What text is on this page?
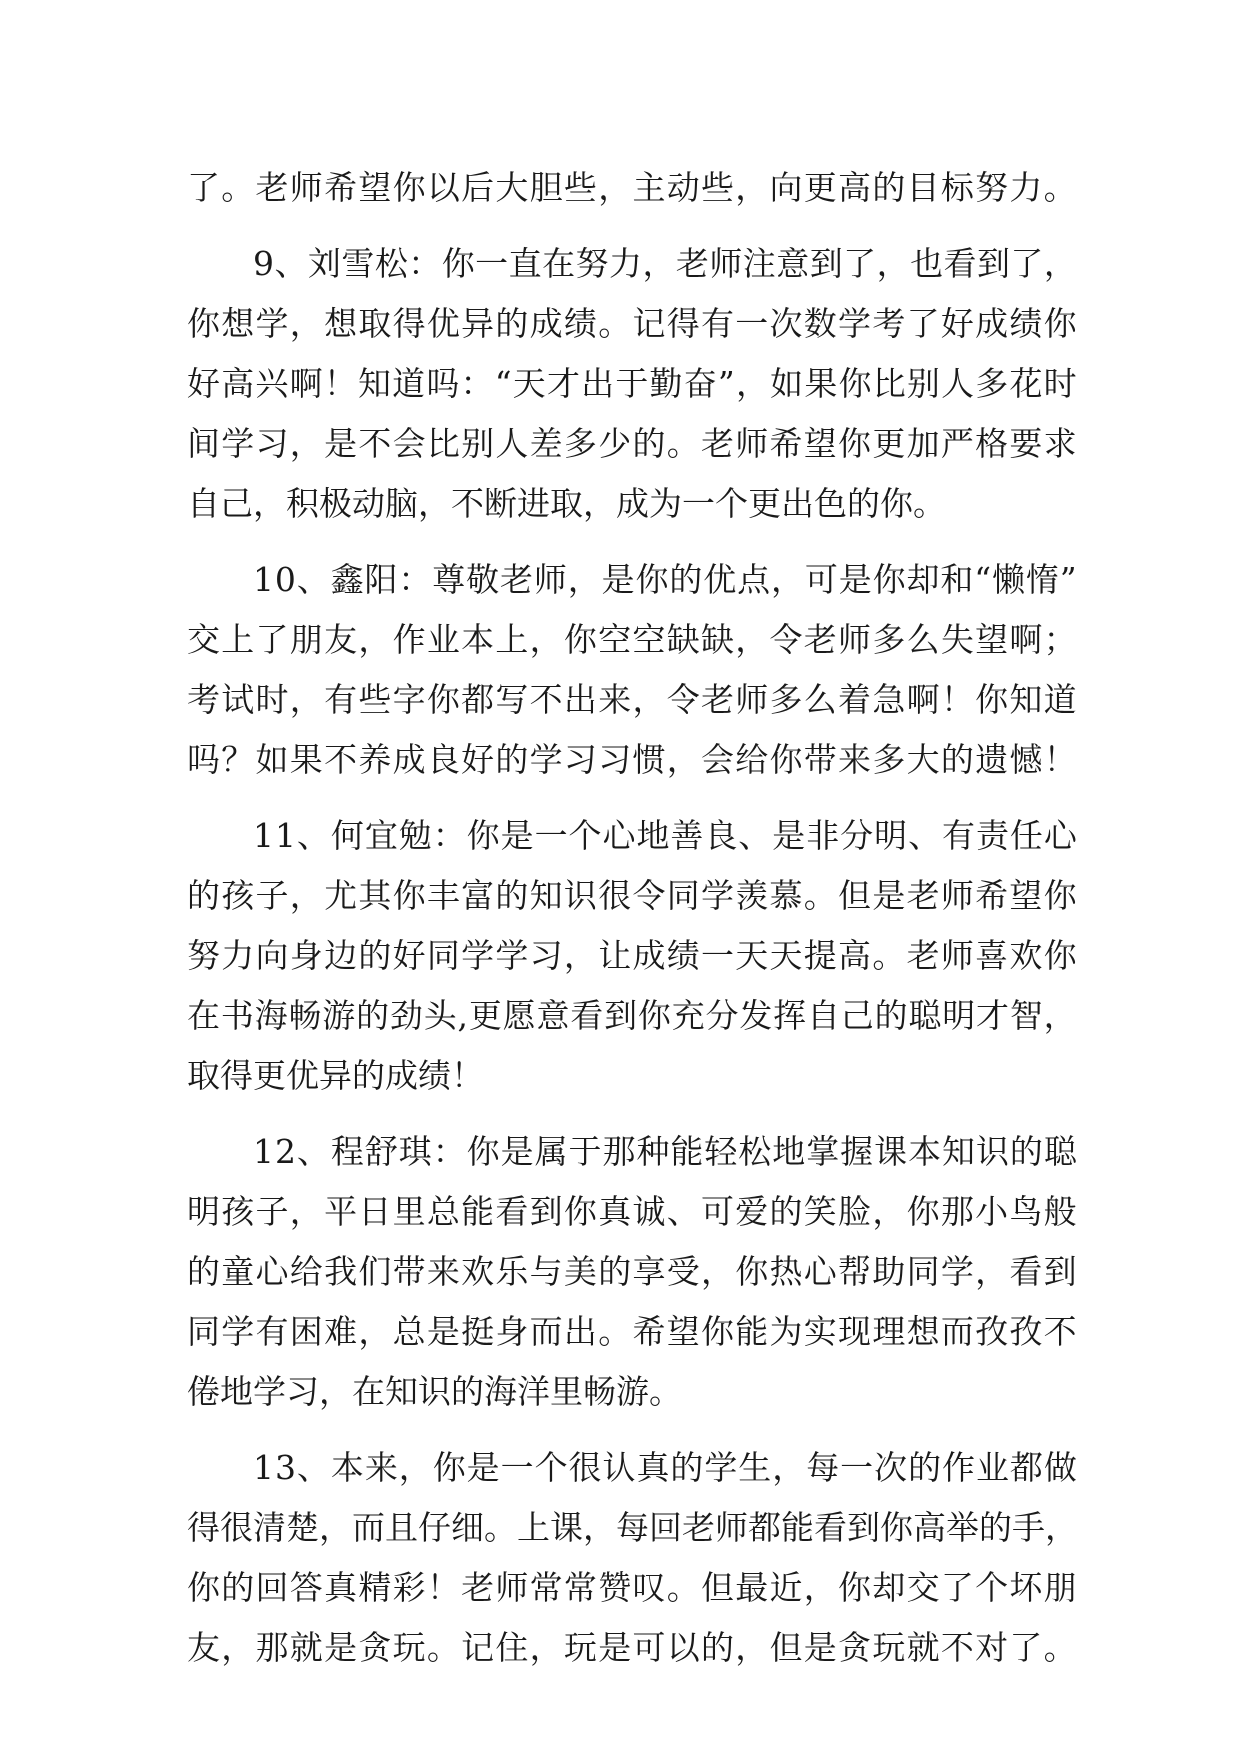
了 。 老 师 希 望 你 以 后 大 胆 些 ， 主 动 些 ， 向 更 高 的 目 标 努 力 。
9 、 刘 雪 松 ： 你 一 直 在 努 力 ， 老 师 注 意 到 了 ， 也 看 到 了 ，
你 想 学 ， 想 取 得 优 异 的 成 绩 。 记 得 有 一 次 数 学 考 了 好 成 绩 你
好 高 兴 啊 ！ 知 道 吗 ： “ 天 才 出 于 勤 奋 ” ， 如 果 你 比 别 人 多 花 时
间 学 习 ， 是 不 会 比 别 人 差 多 少 的 。 老 师 希 望 你 更 加 严 格 要 求
自己，积极动脑，不断进取，成为一个更出色的你。
1 0 、 鑫 阳 ： 尊 敬 老 师 ， 是 你 的 优 点 ， 可 是 你 却 和 “ 懒 惰 ”
交 上 了 朋 友 ， 作 业 本 上 ， 你 空 空 缺 缺 ， 令 老 师 多 么 失 望 啊 ；
考 试 时 ， 有 些 字 你 都 写 不 出 来 ， 令 老 师 多 么 着 急 啊 ！ 你 知 道
吗 ？ 如 果 不 养 成 良 好 的 学 习 习 惯 ， 会 给 你 带 来 多 大 的 遗 憾 ！
1 1 、 何 宜 勉 ： 你 是 一 个 心 地 善 良 、 是 非 分 明 、 有 责 任 心
的 孩 子 ， 尤 其 你 丰 富 的 知 识 很 令 同 学 羡 慕 。 但 是 老 师 希 望 你
努 力 向 身 边 的 好 同 学 学 习 ， 让 成 绩 一 天 天 提 高 。 老 师 喜 欢 你
在 书 海 畅 游 的 劲 头 , 更 愿 意 看 到 你 充 分 发 挥 自 己 的 聪 明 才 智 ，
取得更优异的成绩！
1 2 、 程 舒 琪 ： 你 是 属 于 那 种 能 轻 松 地 掌 握 课 本 知 识 的 聪
明 孩 子 ， 平 日 里 总 能 看 到 你 真 诚 、 可 爱 的 笑 脸 ， 你 那 小 鸟 般
的 童 心 给 我 们 带 来 欢 乐 与 美 的 享 受 ， 你 热 心 帮 助 同 学 ， 看 到
同 学 有 困 难 ， 总 是 挺 身 而 出 。 希 望 你 能 为 实 现 理 想 而 孜 孜 不
倦地学习，在知识的海洋里畅游。
1 3 、 本 来 ， 你 是 一 个 很 认 真 的 学 生 ， 每 一 次 的 作 业 都 做
得 很 清 楚 ， 而 且 仔 细 。 上 课 ， 每 回 老 师 都 能 看 到 你 高 举 的 手 ，
你 的 回 答 真 精 彩 ！ 老 师 常 常 赞 叹 。 但 最 近 ， 你 却 交 了 个 坏 朋
友 ， 那 就 是 贪 玩 。 记 住 ， 玩 是 可 以 的 ， 但 是 贪 玩 就 不 对 了 。
